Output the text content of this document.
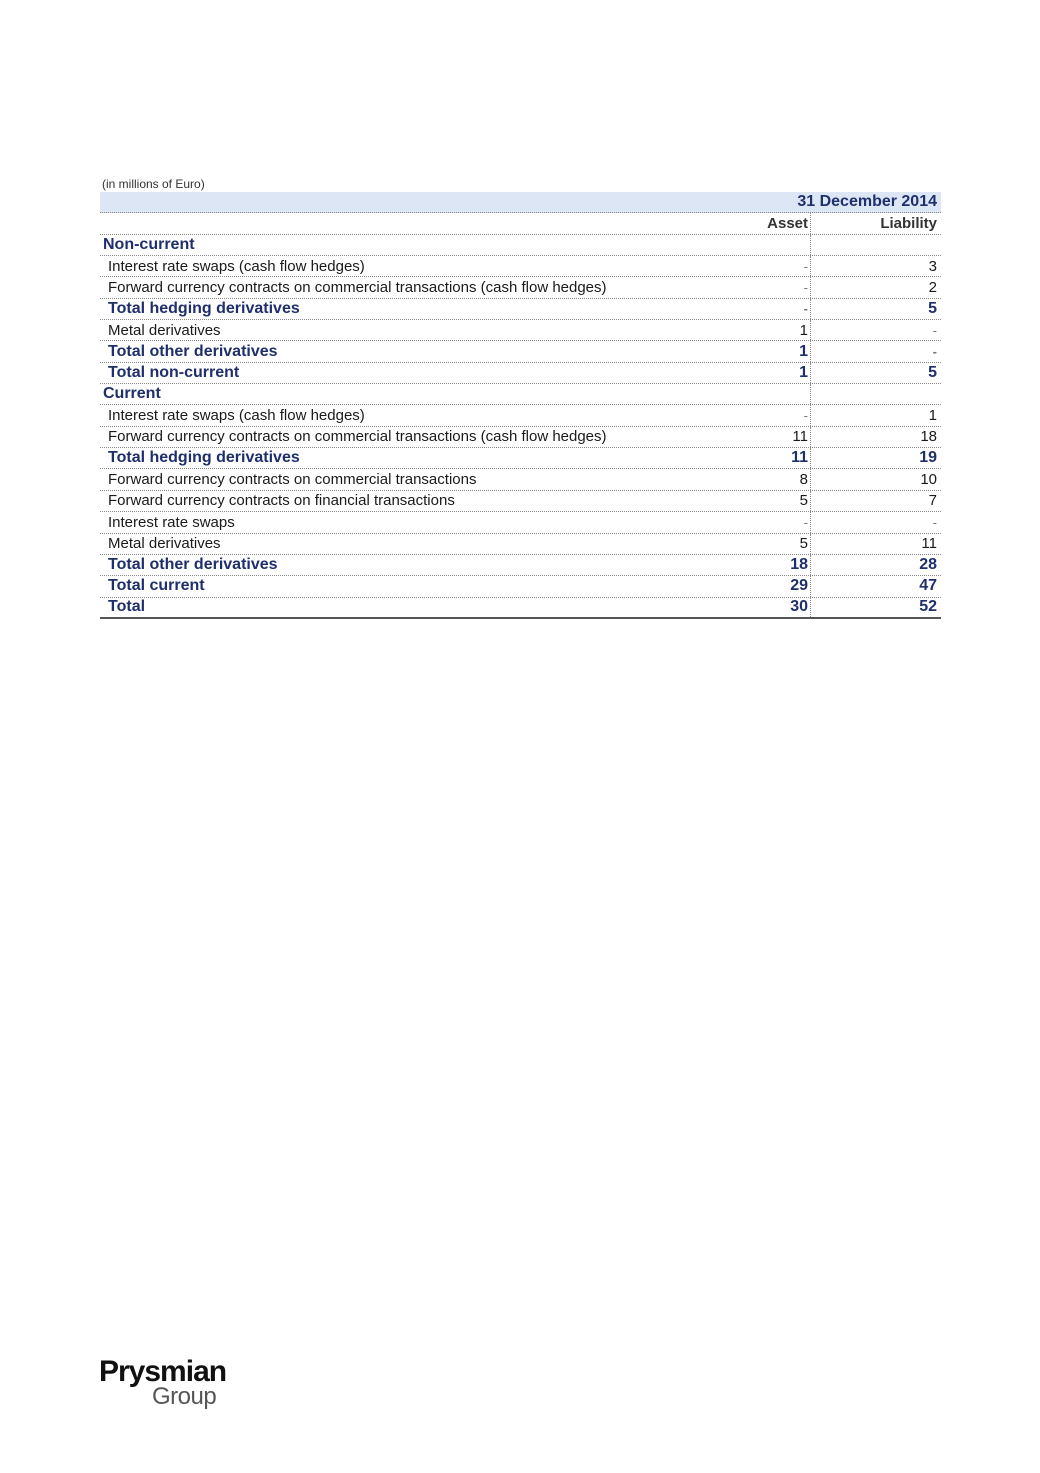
(in millions of Euro)
31 December 2014
Asset	Liability
Non-current
Interest rate swaps (cash flow hedges)	-	3
Forward currency contracts on commercial transactions (cash flow hedges)	-	2
Total hedging derivatives	-	5
Metal derivatives	1	-
Total other derivatives	1	-
Total non-current	1	5
Current
Interest rate swaps (cash flow hedges)	-	1
Forward currency contracts on commercial transactions (cash flow hedges)	11	18
Total hedging derivatives	11	19
Forward currency contracts on commercial transactions	8	10
Forward currency contracts on financial transactions	5	7
Interest rate swaps	-	-
Metal derivatives	5	11
Total other derivatives	18	28
Total current	29	47
Total	30	52
Prysmian
Group
